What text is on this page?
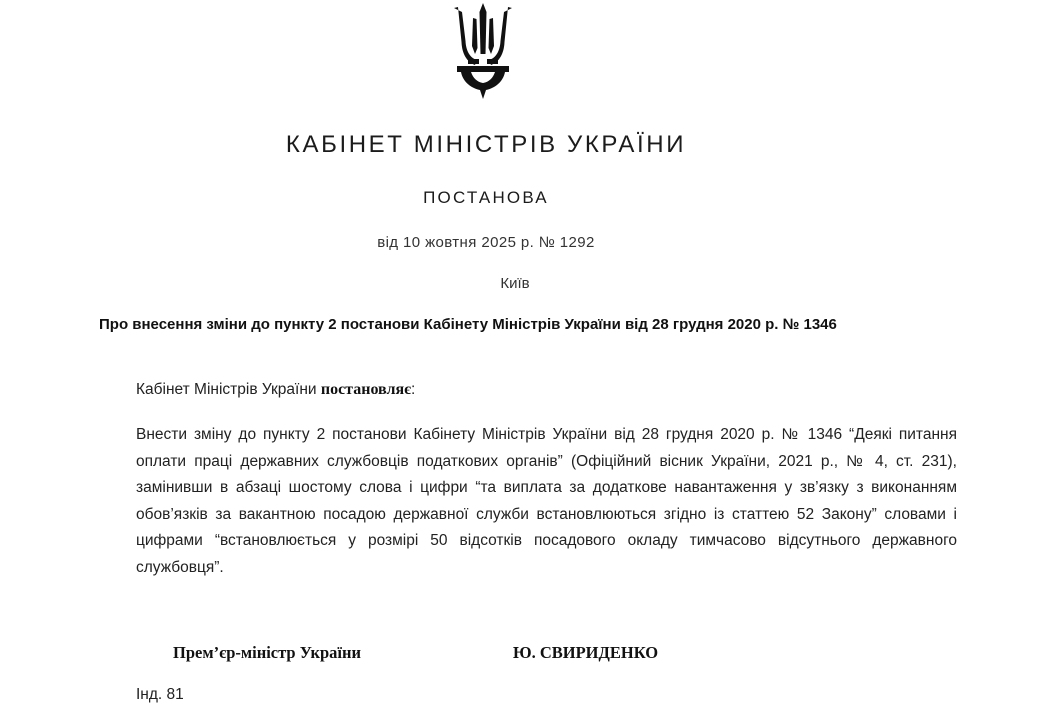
КАБІНЕТ МІНІСТРІВ УКРАЇНИ
ПОСТАНОВА
від 10 жовтня 2025 р. № 1292
Київ
Про внесення зміни до пункту 2 постанови Кабінету Міністрів України від 28 грудня 2020 р. № 1346
Кабінет Міністрів України постановляє:

Внести зміну до пункту 2 постанови Кабінету Міністрів України від 28 грудня 2020 р. № 1346 “Деякі питання оплати праці державних службовців податкових органів” (Офіційний вісник України, 2021 р., № 4, ст. 231), замінивши в абзаці шостому слова і цифри “та виплата за додаткове навантаження у зв’язку з виконанням обов’язків за вакантною посадою державної служби встановлюються згідно із статтею 52 Закону” словами і цифрами “встановлюється у розмірі 50 відсотків посадового окладу тимчасово відсутнього державного службовця”.

Прем’єр-міністр України	Ю. СВИРИДЕНКО
Інд. 81
